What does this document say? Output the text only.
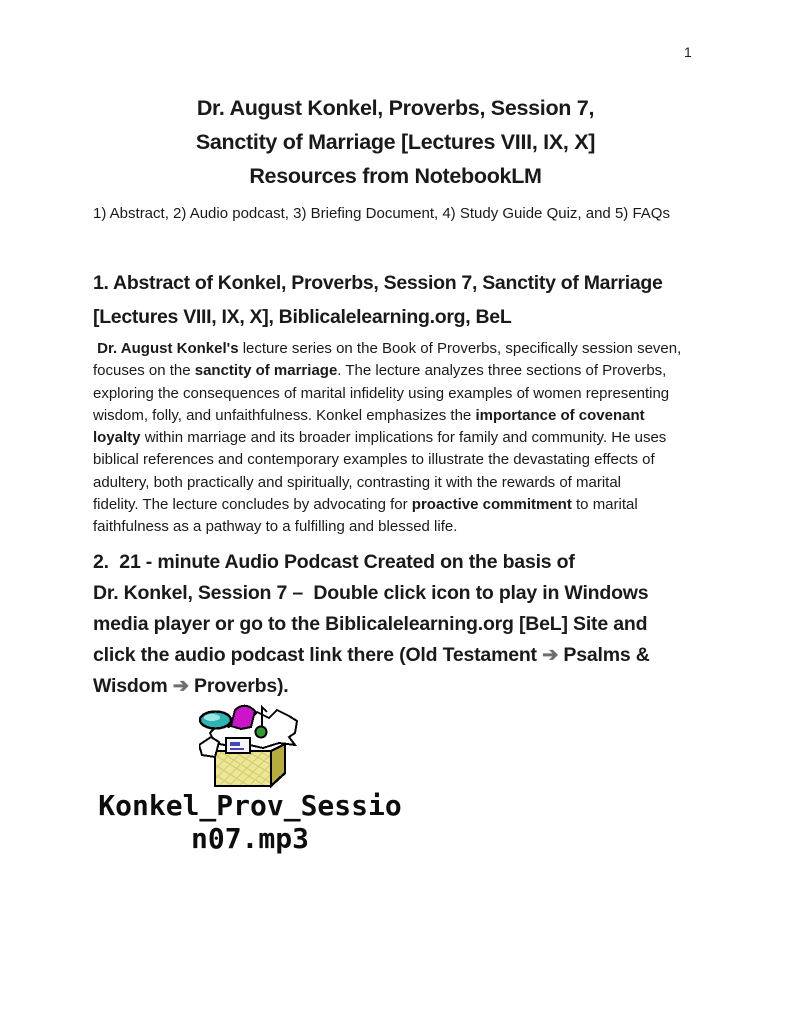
1
Dr. August Konkel, Proverbs, Session 7,
Sanctity of Marriage [Lectures VIII, IX, X]
Resources from NotebookLM
1) Abstract, 2) Audio podcast, 3) Briefing Document, 4) Study Guide Quiz, and 5) FAQs
1. Abstract of Konkel, Proverbs, Session 7, Sanctity of Marriage
[Lectures VIII, IX, X], Biblicalelearning.org, BeL
Dr. August Konkel's lecture series on the Book of Proverbs, specifically session seven,
focuses on the sanctity of marriage. The lecture analyzes three sections of Proverbs,
exploring the consequences of marital infidelity using examples of women representing
wisdom, folly, and unfaithfulness. Konkel emphasizes the importance of covenant
loyalty within marriage and its broader implications for family and community. He uses
biblical references and contemporary examples to illustrate the devastating effects of
adultery, both practically and spiritually, contrasting it with the rewards of marital
fidelity. The lecture concludes by advocating for proactive commitment to marital
faithfulness as a pathway to a fulfilling and blessed life.
2.  21 - minute Audio Podcast Created on the basis of
Dr. Konkel, Session 7 –  Double click icon to play in Windows
media player or go to the Biblicalelearning.org [BeL] Site and
click the audio podcast link there (Old Testament ➔ Psalms &
Wisdom ➔ Proverbs).
Konkel_Prov_Sessio
n07.mp3
